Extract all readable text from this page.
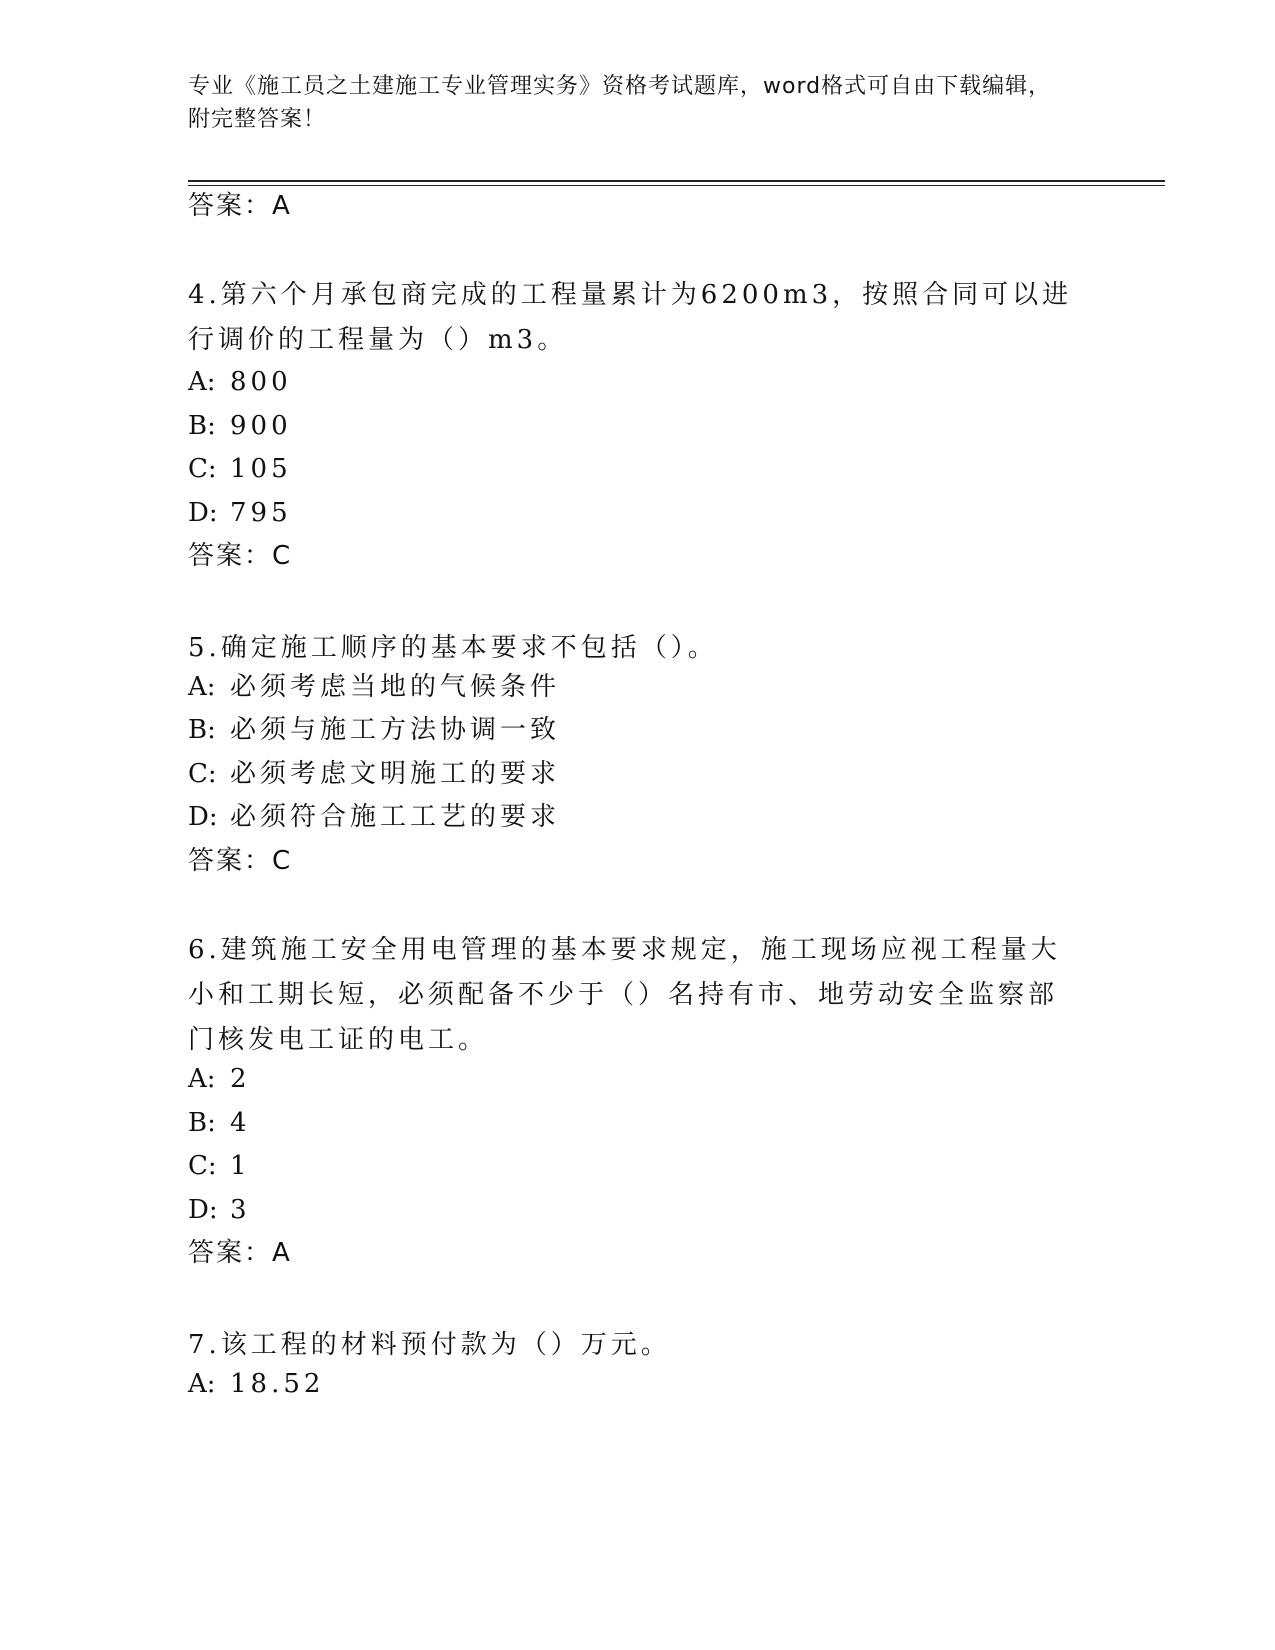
专业《施工员之土建施工专业管理实务》资格考试题库，word格式可自由下载编辑，附完整答案！
答案：A

4.第六个月承包商完成的工程量累计为6200m3，按照合同可以进行调价的工程量为（）m3。

A: 800
B: 900
C: 105
D: 795
答案：C

5.确定施工顺序的基本要求不包括（）。

A: 必须考虑当地的气候条件
B: 必须与施工方法协调一致
C: 必须考虑文明施工的要求
D: 必须符合施工工艺的要求
答案：C

6.建筑施工安全用电管理的基本要求规定，施工现场应视工程量大小和工期长短，必须配备不少于（）名持有市、地劳动安全监察部门核发电工证的电工。

A: 2
B: 4
C: 1
D: 3
答案：A

7.该工程的材料预付款为（）万元。

A: 18.52
